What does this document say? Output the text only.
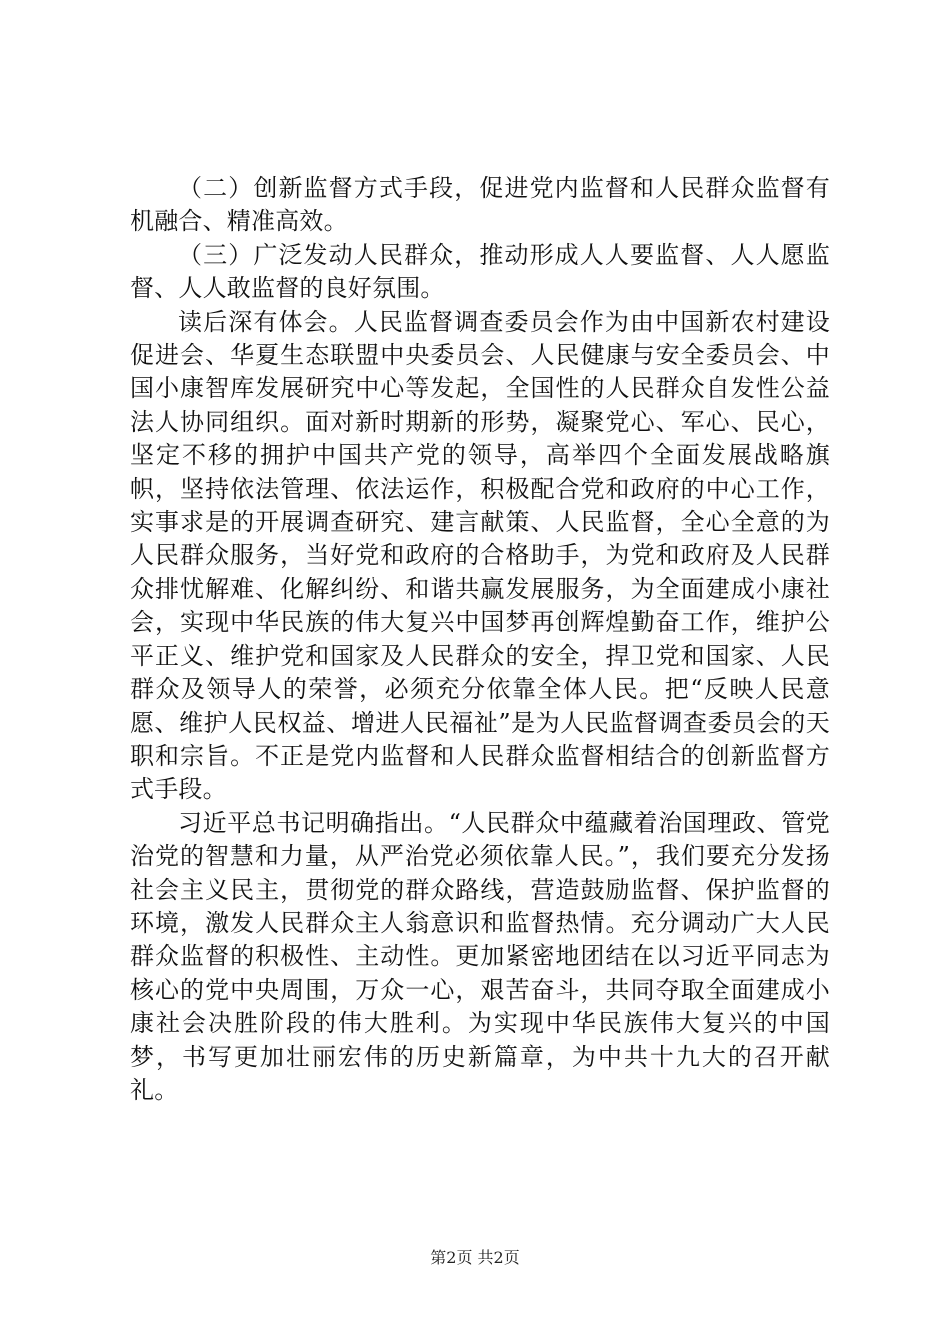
（二）创新监督方式手段，促进党内监督和人民群众监督有机融合、精准高效。

（三）广泛发动人民群众，推动形成人人要监督、人人愿监督、人人敢监督的良好氛围。

读后深有体会。人民监督调查委员会作为由中国新农村建设促进会、华夏生态联盟中央委员会、人民健康与安全委员会、中国小康智库发展研究中心等发起，全国性的人民群众自发性公益法人协同组织。面对新时期新的形势，凝聚党心、军心、民心，坚定不移的拥护中国共产党的领导，高举四个全面发展战略旗帜，坚持依法管理、依法运作，积极配合党和政府的中心工作，实事求是的开展调查研究、建言献策、人民监督，全心全意的为人民群众服务，当好党和政府的合格助手，为党和政府及人民群众排忧解难、化解纠纷、和谐共赢发展服务，为全面建成小康社会，实现中华民族的伟大复兴中国梦再创辉煌勤奋工作，维护公平正义、维护党和国家及人民群众的安全，捍卫党和国家、人民群众及领导人的荣誉，必须充分依靠全体人民。把“反映人民意愿、维护人民权益、增进人民福祉”是为人民监督调查委员会的天职和宗旨。不正是党内监督和人民群众监督相结合的创新监督方式手段。

习近平总书记明确指出。“人民群众中蕴藏着治国理政、管党治党的智慧和力量，从严治党必须依靠人民。”，我们要充分发扬社会主义民主，贯彻党的群众路线，营造鼓励监督、保护监督的环境，激发人民群众主人翁意识和监督热情。充分调动广大人民群众监督的积极性、主动性。更加紧密地团结在以习近平同志为核心的党中央周围，万众一心，艰苦奋斗，共同夺取全面建成小康社会决胜阶段的伟大胜利。为实现中华民族伟大复兴的中国梦，书写更加壮丽宏伟的历史新篇章，为中共十九大的召开献礼。

第2页 共2页
